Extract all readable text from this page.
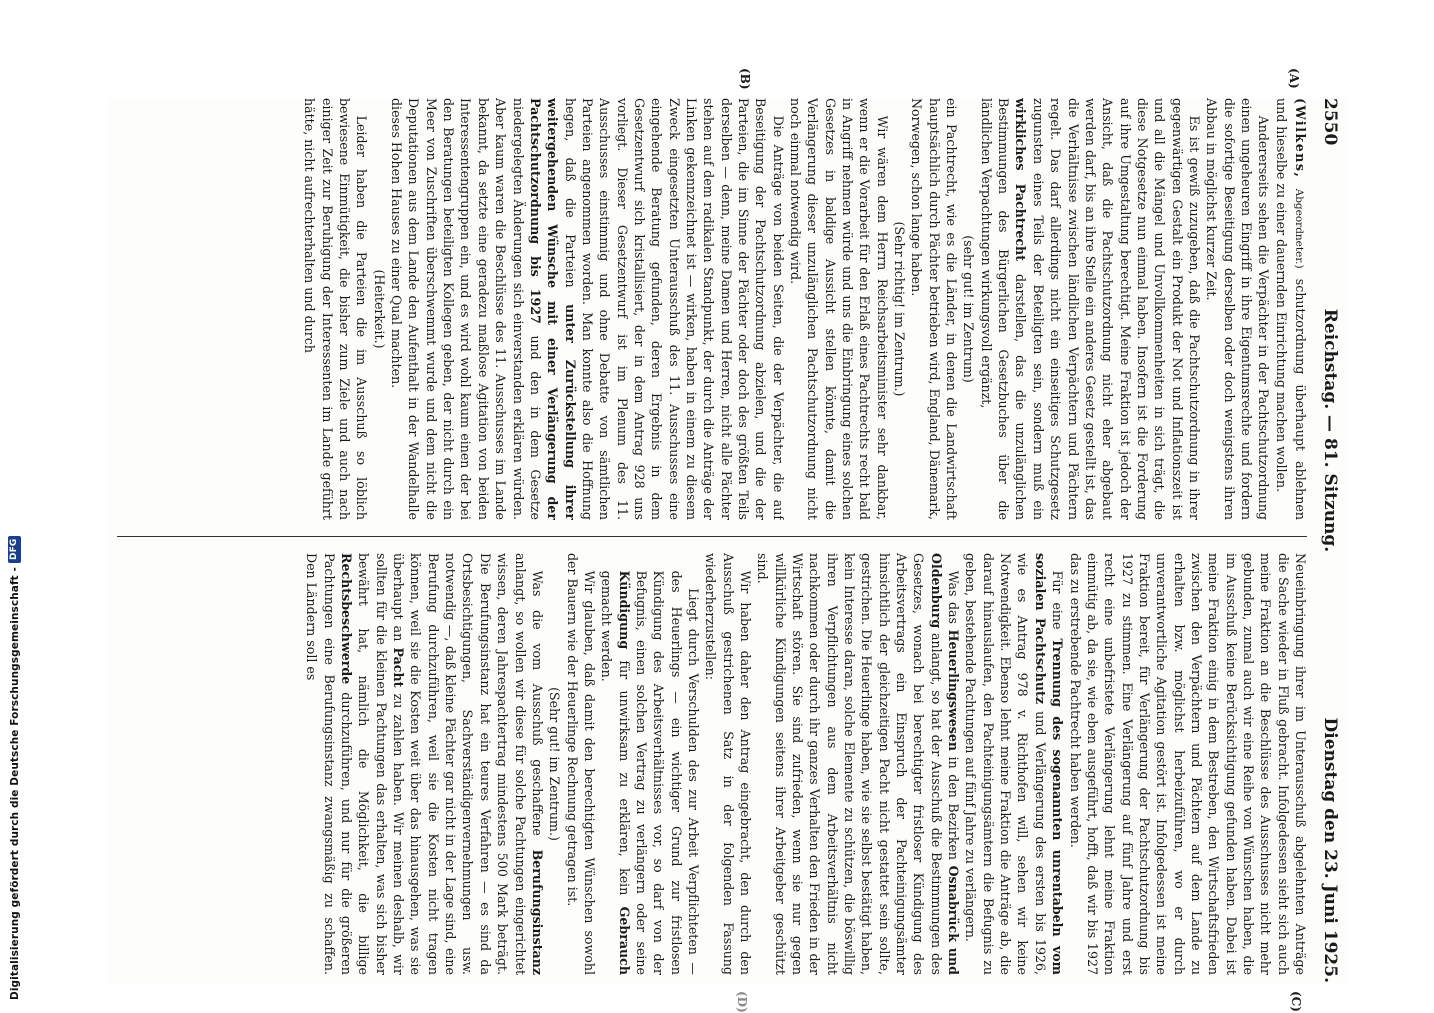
2550
Reichstag. — 81. Sitzung.
Dienstag den 23. Juni 1925.
(A)
(B)
(C)
(D)

(Wilkens, Abgeordneter.) schutzordnung überhaupt ablehnen und hieselbe zu einer dauernden Einrichtung machen wollen.

Andererseits sehen die Verpächter in der Pachtschutzordnung einen ungeheuren Eingriff in ihre Eigentumsrechte und fordern die sofortige Beseitigung derselben oder doch wenigstens ihren Abbau in möglichst kurzer Zeit.

Es ist gewiß zuzugeben, daß die Pachtschutzordnung in ihrer gegenwärtigen Gestalt ein Produkt der Not und Inflationszeit ist und all die Mängel und Unvollkommenheiten in sich trägt, die diese Notgesetze nun einmal haben. Insofern ist die Forderung auf ihre Umgestaltung berechtigt. Meine Fraktion ist jedoch der Ansicht, daß die Pachtschutzordnung nicht eher abgebaut werden darf, bis an ihre Stelle ein anderes Gesetz gestellt ist, das die Verhältnisse zwischen ländlichen Verpächtern und Pächtern regelt. Das darf allerdings nicht ein einseitiges Schutzgesetz zugunsten eines Teils der Beteiligten sein, sondern muß ein wirkliches Pachtrecht darstellen, das die unzulänglichen Bestimmungen des Bürgerlichen Gesetzbuches über die ländlichen Verpachtungen wirkungsvoll ergänzt,

(sehr gut! im Zentrum)

ein Pachtrecht, wie es die Länder, in denen die Landwirtschaft hauptsächlich durch Pächter betrieben wird, England, Dänemark, Norwegen, schon lange haben.

(Sehr richtig! im Zentrum.)

Wir wären dem Herrn Reichsarbeitsminister sehr dankbar, wenn er die Vorarbeit für den Erlaß eines Pachtrechts recht bald in Angriff nehmen würde und uns die Einbringung eines solchen Gesetzes in baldige Aussicht stellen könnte, damit die Verlängerung dieser unzulänglichen Pachtschutzordnung nicht noch einmal notwendig wird.

Die Anträge von beiden Seiten, die der Verpächter, die auf Beseitigung der Pachtschutzordnung abzielen, und die der Parteien, die im Sinne der Pächter oder doch des größten Teils derselben — denn, meine Damen und Herren, nicht alle Pächter stehen auf dem radikalen Standpunkt, der durch die Anträge der Linken gekennzeichnet ist — wirken, haben in einem zu diesem Zweck eingesetzten Unterausschuß des 11. Ausschusses eine eingehende Beratung gefunden, deren Ergebnis in dem Gesetzentwurf sich kristallisiert, der in dem Antrag 928 uns vorliegt. Dieser Gesetzentwurf ist im Plenum des 11. Ausschusses einstimmig und ohne Debatte von sämtlichen Parteien angenommen worden. Man konnte also die Hoffnung hegen, daß die Parteien unter Zurückstellung ihrer weitergehenden Wünsche mit einer Verlängerung der Pachtschutzordnung bis 1927 und den in dem Gesetze niedergelegten Änderungen sich einverstanden erklären würden. Aber kaum waren die Beschlüsse des 11. Ausschusses im Lande bekannt, da setzte eine geradezu maßlose Agitation von beiden Interessentengruppen ein, und es wird wohl kaum einen der bei den Beratungen beteiligten Kollegen geben, der nicht durch ein Meer von Zuschriften überschwemmt wurde und dem nicht die Deputationen aus dem Lande den Aufenthalt in der Wandelhalle dieses Hohen Hauses zu einer Qual machten.

(Heiterkeit.)

Leider haben die Parteien die im Ausschuß so löblich bewiesene Einmütigkeit, die bisher zum Ziele und auch nach einiger Zeit zur Beruhigung der Interessenten im Lande geführt hätte, nicht aufrechterhalten und durch

Neueinbringung ihrer im Unterausschuß abgelehnten Anträge die Sache wieder in Fluß gebracht. Infolgedessen sieht sich auch meine Fraktion an die Beschlüsse des Ausschusses nicht mehr gebunden, zumal auch wir eine Reihe von Wünschen haben, die im Ausschuß keine Berücksichtigung gefunden haben. Dabei ist meine Fraktion einig in dem Bestreben, den Wirtschaftsfrieden zwischen den Verpächtern und Pächtern auf dem Lande zu erhalten bzw. möglichst herbeizuführen, wo er durch unverantwortliche Agitation gestört ist. Infolgedessen ist meine Fraktion bereit, für Verlängerung der Pachtschutzordnung bis 1927 zu stimmen. Eine Verlängerung auf fünf Jahre und erst recht eine unbefristete Verlängerung lehnt meine Fraktion einmütig ab, da sie, wie eben ausgeführt, hofft, daß wir bis 1927 das zu erstrebende Pachtrecht haben werden.

Für eine Trennung des sogenannten unrentabeln vom sozialen Pachtschutz und Verlängerung des ersten bis 1926, wie es Antrag 978 v. Richthofen will, sehen wir keine Notwendigkeit. Ebenso lehnt meine Fraktion die Anträge ab, die darauf hinauslaufen, den Pachteinigungsämtern die Befugnis zu geben, bestehende Pachtungen auf fünf Jahre zu verlängern.

Was das Heuerlingswesen in den Bezirken Osnabrück und Oldenburg anlangt, so hat der Ausschuß die Bestimmungen des Gesetzes, wonach bei berechtigter fristloser Kündigung des Arbeitsvertrags ein Einspruch der Pachteinigungsämter hinsichtlich der gleichzeitigen Pacht nicht gestattet sein sollte, gestrichen. Die Heuerlinge haben, wie sie selbst bestätigt haben, kein Interesse daran, solche Elemente zu schützen, die böswillig ihren Verpflichtungen aus dem Arbeitsverhältnis nicht nachkommen oder durch ihr ganzes Verhalten den Frieden in der Wirtschaft stören. Sie sind zufrieden, wenn sie nur gegen willkürliche Kündigungen seitens ihrer Arbeitgeber geschützt sind.

Wir haben daher den Antrag eingebracht, den durch den Ausschuß gestrichenen Satz in der folgenden Fassung wiederherzustellen:

Liegt durch Verschulden des zur Arbeit Verpflichteten — des Heuerlings — ein wichtiger Grund zur fristlosen Kündigung des Arbeitsverhältnisses vor, so darf von der Befugnis, einen solchen Vertrag zu verlängern oder seine Kündigung für unwirksam zu erklären, kein Gebrauch gemacht werden.

Wir glauben, daß damit den berechtigten Wünschen sowohl der Bauern wie der Heuerlinge Rechnung getragen ist.

(Sehr gut! im Zentrum.)

Was die vom Ausschuß geschaffene Berufungsinstanz anlangt, so wollen wir diese für solche Pachtungen eingerichtet wissen, deren Jahrespachtertrag mindestens 500 Mark beträgt. Die Berufungsinstanz hat ein teures Verfahren — es sind da Ortsbesichtigungen, Sachverständigenvernehmungen usw. notwendig —, daß kleine Pächter gar nicht in der Lage sind, eine Berufung durchzuführen, weil sie die Kosten nicht tragen können, weil sie die Kosten weit über das hinausgehen, was sie überhaupt an Pacht zu zahlen haben. Wir meinen deshalb, wir sollten für die kleinen Pachtungen das erhalten, was sich bisher bewährt hat, nämlich die Möglichkeit, die billige Rechtsbeschwerde durchzuführen, und nur für die größeren Pachtungen eine Berufungsinstanz zwangsmäßig zu schaffen. Den Ländern soll es

Digitalisierung gefördert durch die Deutsche Forschungsgemeinschaft -
DFG
